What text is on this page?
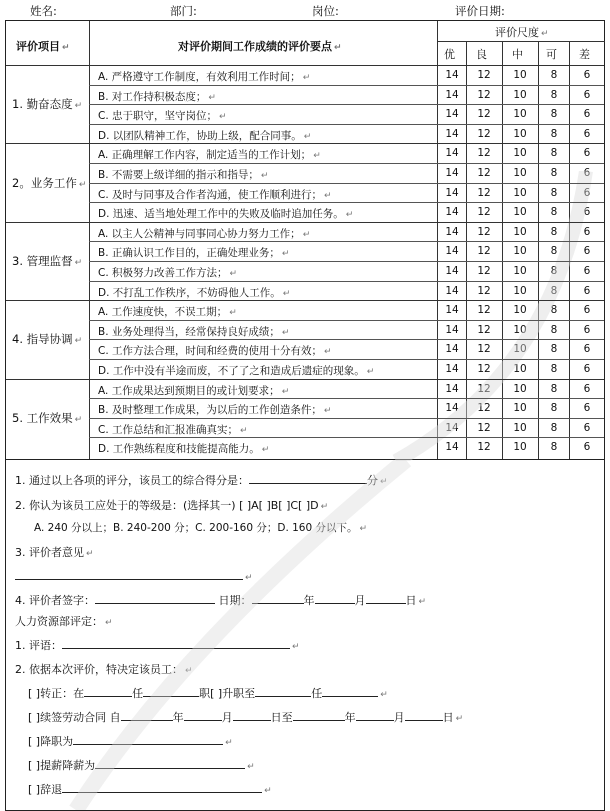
姓名:	部门:	岗位:	评价日期:
评价项目 ↵	对评价期间工作成绩的评价要点 ↵
评价尺度 ↵
优 良 中 可 差
1. 勤奋态度 ↵
A. 严格遵守工作制度，有效利用工作时间； ↵	14	12	10	8	6
B. 对工作持积极态度； ↵	14	12	10	8	6
C. 忠于职守，坚守岗位； ↵	14	12	10	8	6
D. 以团队精神工作，协助上级，配合同事。 ↵	14	12	10	8	6
2。业务工作 ↵
A. 正确理解工作内容，制定适当的工作计划； ↵	14	12	10	8	6
B. 不需要上级详细的指示和指导； ↵	14	12	10	8	6
C. 及时与同事及合作者沟通，使工作顺利进行； ↵	14	12	10	8	6
D. 迅速、适当地处理工作中的失败及临时追加任务。 ↵	14	12	10	8	6
3. 管理监督 ↵
A. 以主人公精神与同事同心协力努力工作； ↵	14	12	10	8	6
B. 正确认识工作目的，正确处理业务； ↵	14	12	10	8	6
C. 积极努力改善工作方法； ↵	14	12	10	8	6
D. 不打乱工作秩序，不妨碍他人工作。 ↵	14	12	10	8	6
4. 指导协调 ↵
A. 工作速度快，不误工期； ↵	14	12	10	8	6
B. 业务处理得当，经常保持良好成绩； ↵	14	12	10	8	6
C. 工作方法合理，时间和经费的使用十分有效； ↵	14	12	10	8	6
D. 工作中没有半途而废，不了了之和造成后遗症的现象。 ↵	14	12	10	8	6
5. 工作效果 ↵
A. 工作成果达到预期目的或计划要求； ↵	14	12	10	8	6
B. 及时整理工作成果，为以后的工作创造条件； ↵	14	12	10	8	6
C. 工作总结和汇报准确真实； ↵	14	12	10	8	6
D. 工作熟练程度和技能提高能力。 ↵	14	12	10	8	6
1. 通过以上各项的评分，该员工的综合得分是：	分 ↵
2. 你认为该员工应处于的等级是：(选择其一) [ ]A[ ]B[ ]C[ ]D ↵
A. 240 分以上；B. 240-200 分；C. 200-160 分；D. 160 分以下。 ↵
3. 评价者意见 ↵
↵
4. 评价者签字：	日期：	年	月	日 ↵
人力资源部评定： ↵
1. 评语：	↵
2. 依据本次评价，特决定该员工： ↵
[ ]转正：在	任	职[ ]升职至	任	↵
[ ]续签劳动合同 自	年	月	日至	年	月	日 ↵
[ ]降职为	↵
[ ]提薪降薪为	↵
[ ]辞退	↵
